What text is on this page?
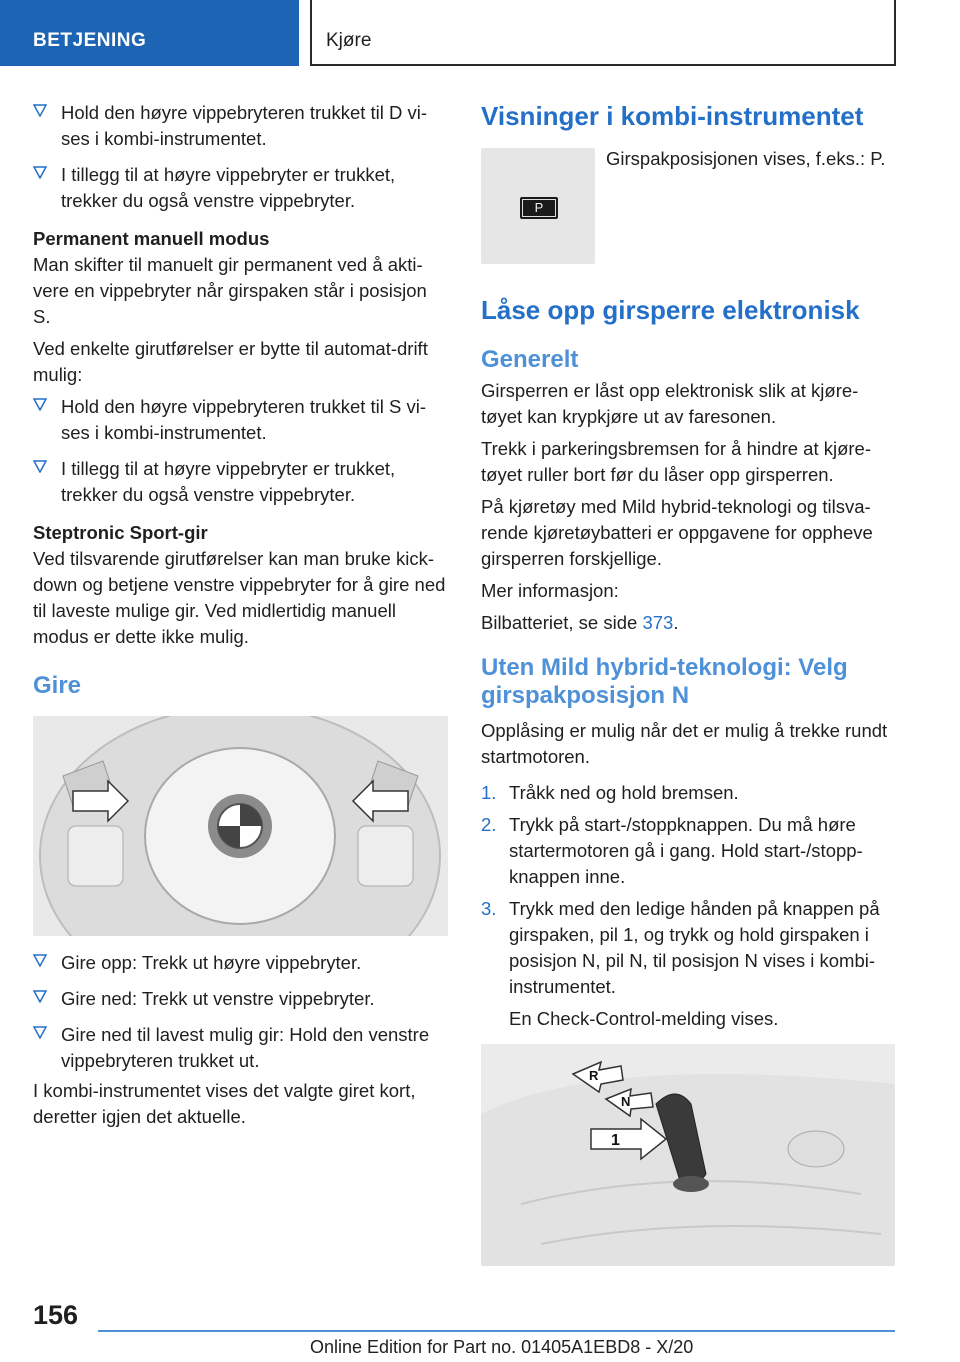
BETJENING	Kjøre
Hold den høyre vippebryteren trukket til D vi-ses i kombi-instrumentet.
I tillegg til at høyre vippebryter er trukket, trekker du også venstre vippebryter.
Permanent manuell modus

Man skifter til manuelt gir permanent ved å akti-vere en vippebryter når girspaken står i posisjon S.

Ved enkelte girutførelser er bytte til automat-drift mulig:

Hold den høyre vippebryteren trukket til S vi-ses i kombi-instrumentet.
I tillegg til at høyre vippebryter er trukket, trekker du også venstre vippebryter.
Steptronic Sport-gir

Ved tilsvarende girutførelser kan man bruke kick-down og betjene venstre vippebryter for å gire ned til laveste mulige gir. Ved midlertidig manuell modus er dette ikke mulig.

Gire
Gire opp: Trekk ut høyre vippebryter.
Gire ned: Trekk ut venstre vippebryter.
Gire ned til lavest mulig gir: Hold den venstre vippebryteren trukket ut.

I kombi-instrumentet vises det valgte giret kort, deretter igjen det aktuelle.

Visninger i kombi-instrumentet
P

Girspakposisjonen vises, f.eks.: P.

Låse opp girsperre elektronisk
Generelt

Girsperren er låst opp elektronisk slik at kjøre-tøyet kan krypkjøre ut av faresonen.

Trekk i parkeringsbremsen for å hindre at kjøre-tøyet ruller bort før du låser opp girsperren.

På kjøretøy med Mild hybrid-teknologi og tilsva-rende kjøretøybatteri er oppgavene for oppheve girsperren forskjellige.

Mer informasjon:

Bilbatteriet, se side 373.

Uten Mild hybrid-teknologi: Velg girspakposisjon N

Opplåsing er mulig når det er mulig å trekke rundt startmotoren.

1. Tråkk ned og hold bremsen.
2. Trykk på start-/stoppknappen. Du må høre startermotoren gå i gang. Hold start-/stopp-knappen inne.
3. Trykk med den ledige hånden på knappen på girspaken, pil 1, og trykk og hold girspaken i posisjon N, pil N, til posisjon N vises i kombi-instrumentet.
En Check-Control-melding vises.
R
N
1
156
Online Edition for Part no. 01405A1EBD8 - X/20
